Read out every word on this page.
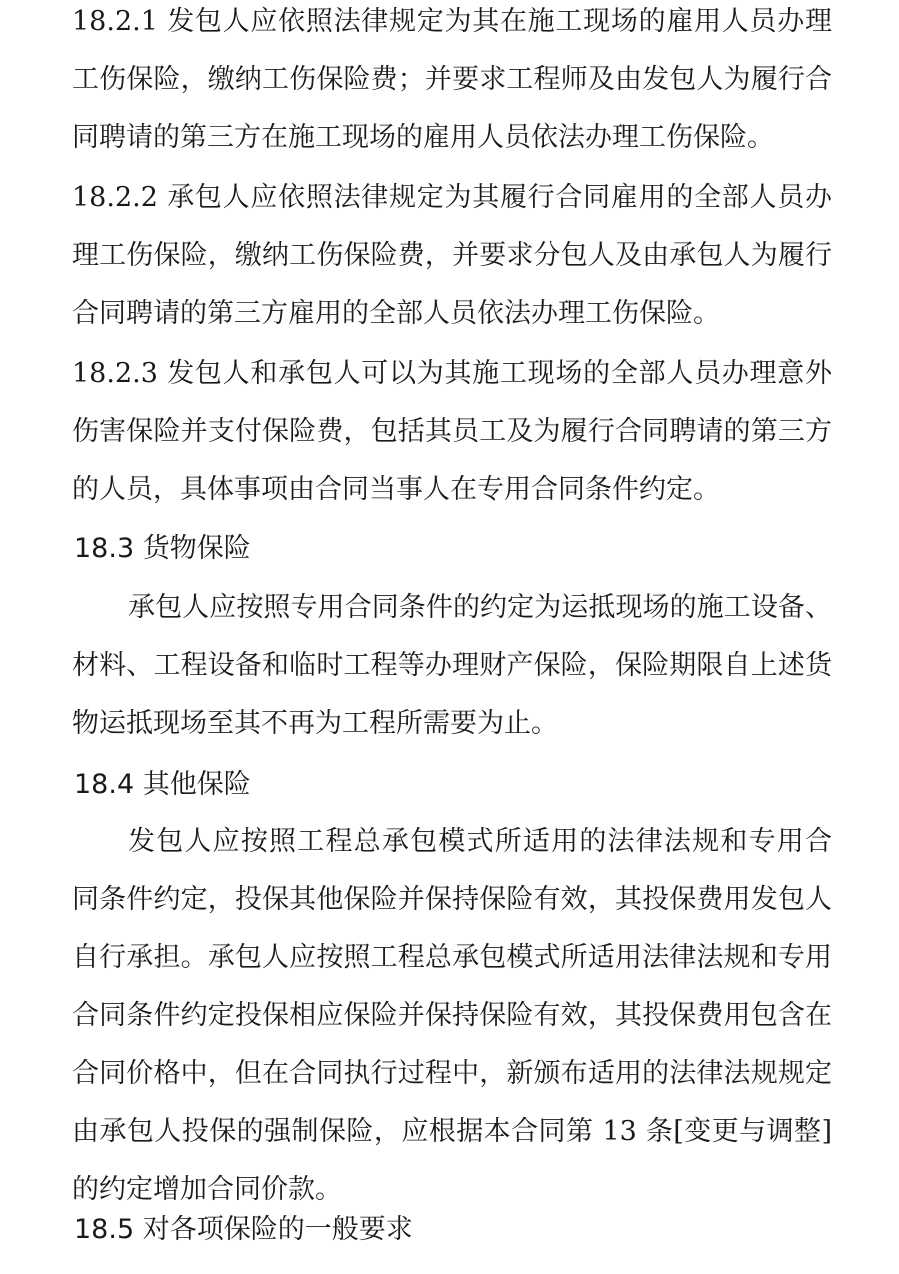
18.2.1 发包人应依照法律规定为其在施工现场的雇用人员办理
工伤保险，缴纳工伤保险费；并要求工程师及由发包人为履行合
同聘请的第三方在施工现场的雇用人员依法办理工伤保险。
18.2.2 承包人应依照法律规定为其履行合同雇用的全部人员办
理工伤保险，缴纳工伤保险费，并要求分包人及由承包人为履行
合同聘请的第三方雇用的全部人员依法办理工伤保险。
18.2.3 发包人和承包人可以为其施工现场的全部人员办理意外
伤害保险并支付保险费，包括其员工及为履行合同聘请的第三方
的人员，具体事项由合同当事人在专用合同条件约定。
18.3 货物保险
承包人应按照专用合同条件的约定为运抵现场的施工设备、
材料、工程设备和临时工程等办理财产保险，保险期限自上述货
物运抵现场至其不再为工程所需要为止。
18.4 其他保险
发包人应按照工程总承包模式所适用的法律法规和专用合
同条件约定，投保其他保险并保持保险有效，其投保费用发包人
自行承担。承包人应按照工程总承包模式所适用法律法规和专用
合同条件约定投保相应保险并保持保险有效，其投保费用包含在
合同价格中，但在合同执行过程中，新颁布适用的法律法规规定
由承包人投保的强制保险，应根据本合同第 13 条[变更与调整]
的约定增加合同价款。
18.5 对各项保险的一般要求
